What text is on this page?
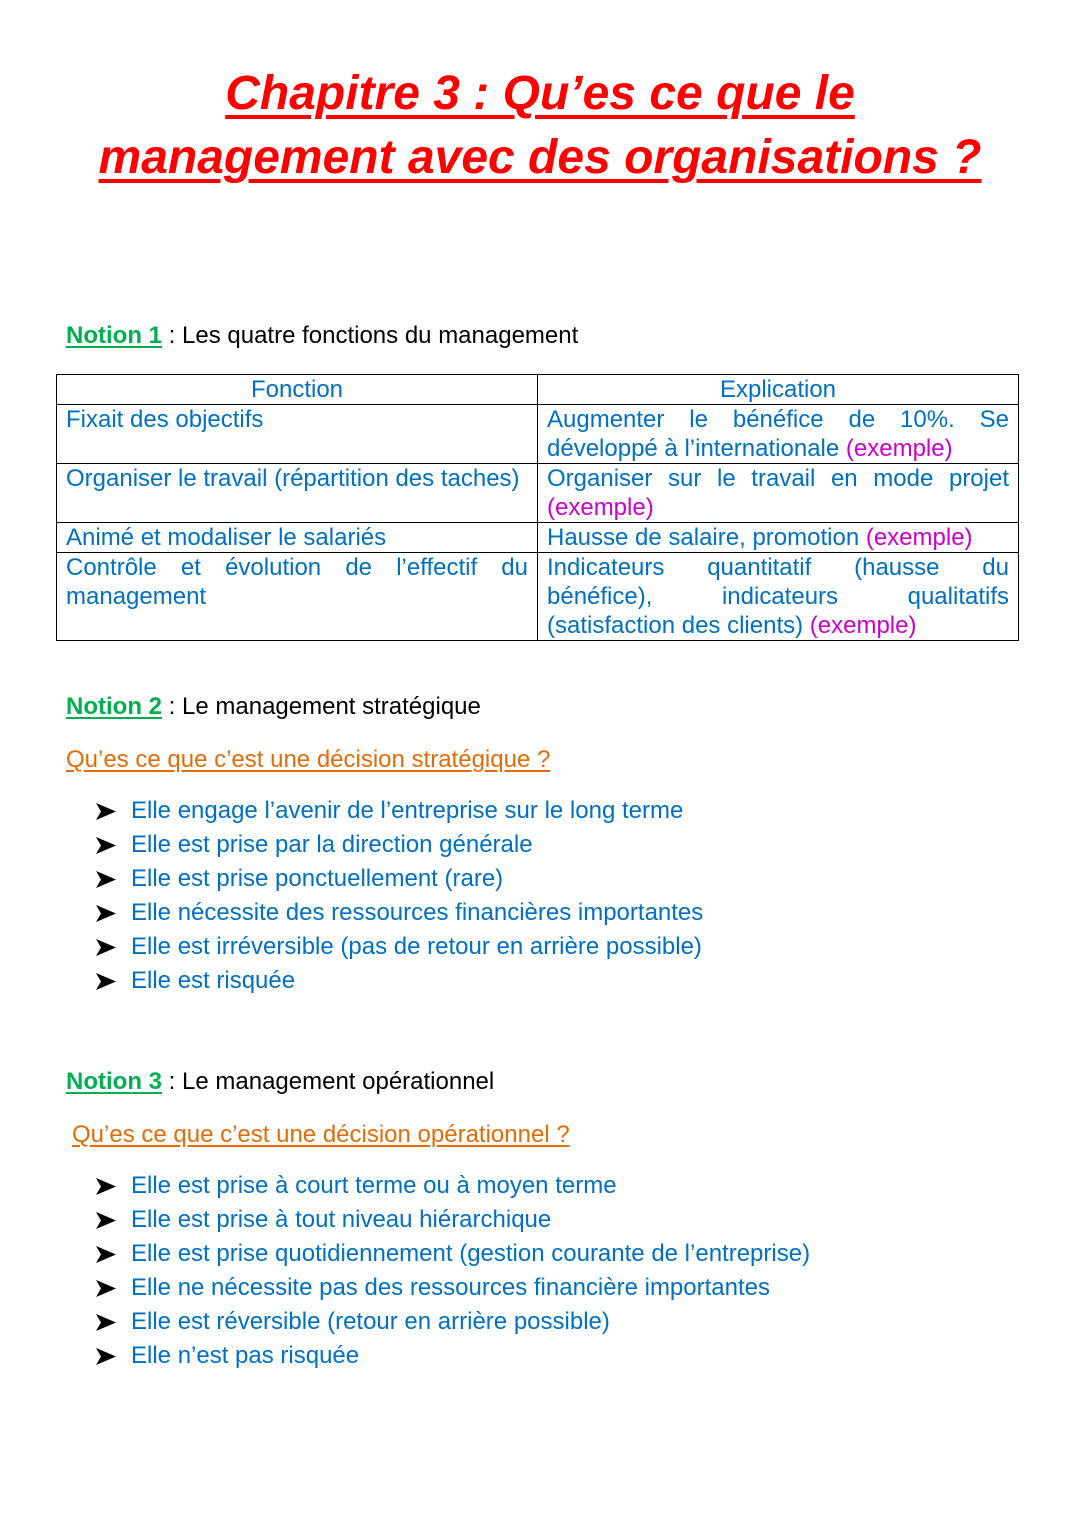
Chapitre 3 : Qu’es ce que le
management avec des organisations ?
Notion 1 : Les quatre fonctions du management
Fonction	Explication
Fixait des objectifs	Augmenter le bénéfice de 10%. Se développé à l’internationale (exemple)
Organiser le travail (répartition des taches)	Organiser sur le travail en mode projet (exemple)
Animé et modaliser le salariés	Hausse de salaire, promotion (exemple)
Contrôle et évolution de l’effectif du management	Indicateurs quantitatif (hausse du bénéfice), indicateurs qualitatifs (satisfaction des clients) (exemple)
Notion 2 : Le management stratégique
Qu’es ce que c’est une décision stratégique ?
Elle engage l’avenir de l’entreprise sur le long terme
Elle est prise par la direction générale
Elle est prise ponctuellement (rare)
Elle nécessite des ressources financières importantes
Elle est irréversible (pas de retour en arrière possible)
Elle est risquée
Notion 3 : Le management opérationnel
Qu’es ce que c’est une décision opérationnel ?
Elle est prise à court terme ou à moyen terme
Elle est prise à tout niveau hiérarchique
Elle est prise quotidiennement (gestion courante de l’entreprise)
Elle ne nécessite pas des ressources financière importantes
Elle est réversible (retour en arrière possible)
Elle n’est pas risquée
